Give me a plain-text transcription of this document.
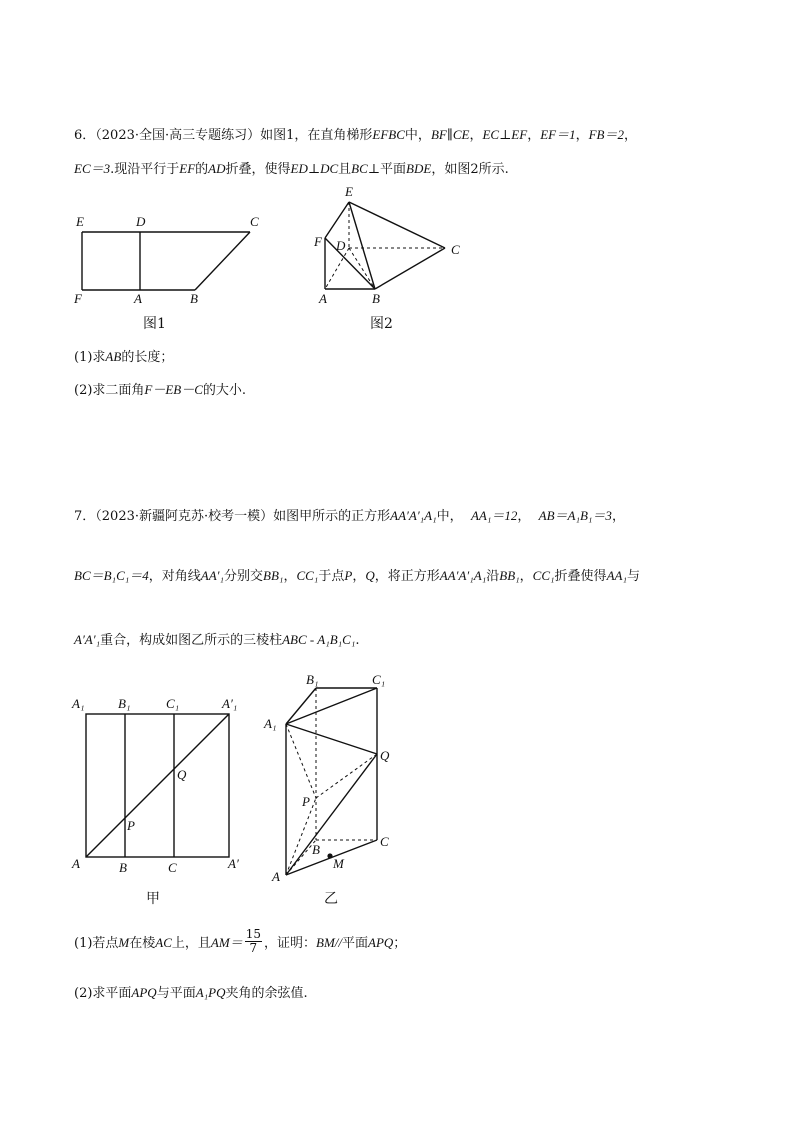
6．（2023·全国·高三专题练习）如图1，在直角梯形EFBC中，BF∥CE，EC⊥EF，EF＝1，FB＝2，
EC＝3.现沿平行于EF的AD折叠，使得ED⊥DC且BC⊥平面BDE，如图2所示.
E	D	C
F	A	B
图1
E
F D	C
A	B
图2
(1)求AB的长度；
(2)求二面角F－EB－C的大小.
7．（2023·新疆阿克苏·校考一模）如图甲所示的正方形AA′A′₁A₁中， AA₁＝12， AB＝A₁B₁＝3，
BC＝B₁C₁＝4，对角线AA′₁分别交BB₁，CC₁于点P，Q，将正方形AA′A′₁A₁沿BB₁，CC₁折叠使得AA₁与
A′A′₁重合，构成如图乙所示的三棱柱ABC - A₁B₁C₁.
A₁	B₁	C₁	A′₁
Q
P
A	B	C	A′
甲
B₁	C₁
A₁
Q
P
B
C
M
A
乙
(1)若点M在棱AC上，且$AM= \frac{15}{7}$ ，证明：BM//平面APQ；
(2)求平面APQ与平面A₁PQ夹角的余弦值.
